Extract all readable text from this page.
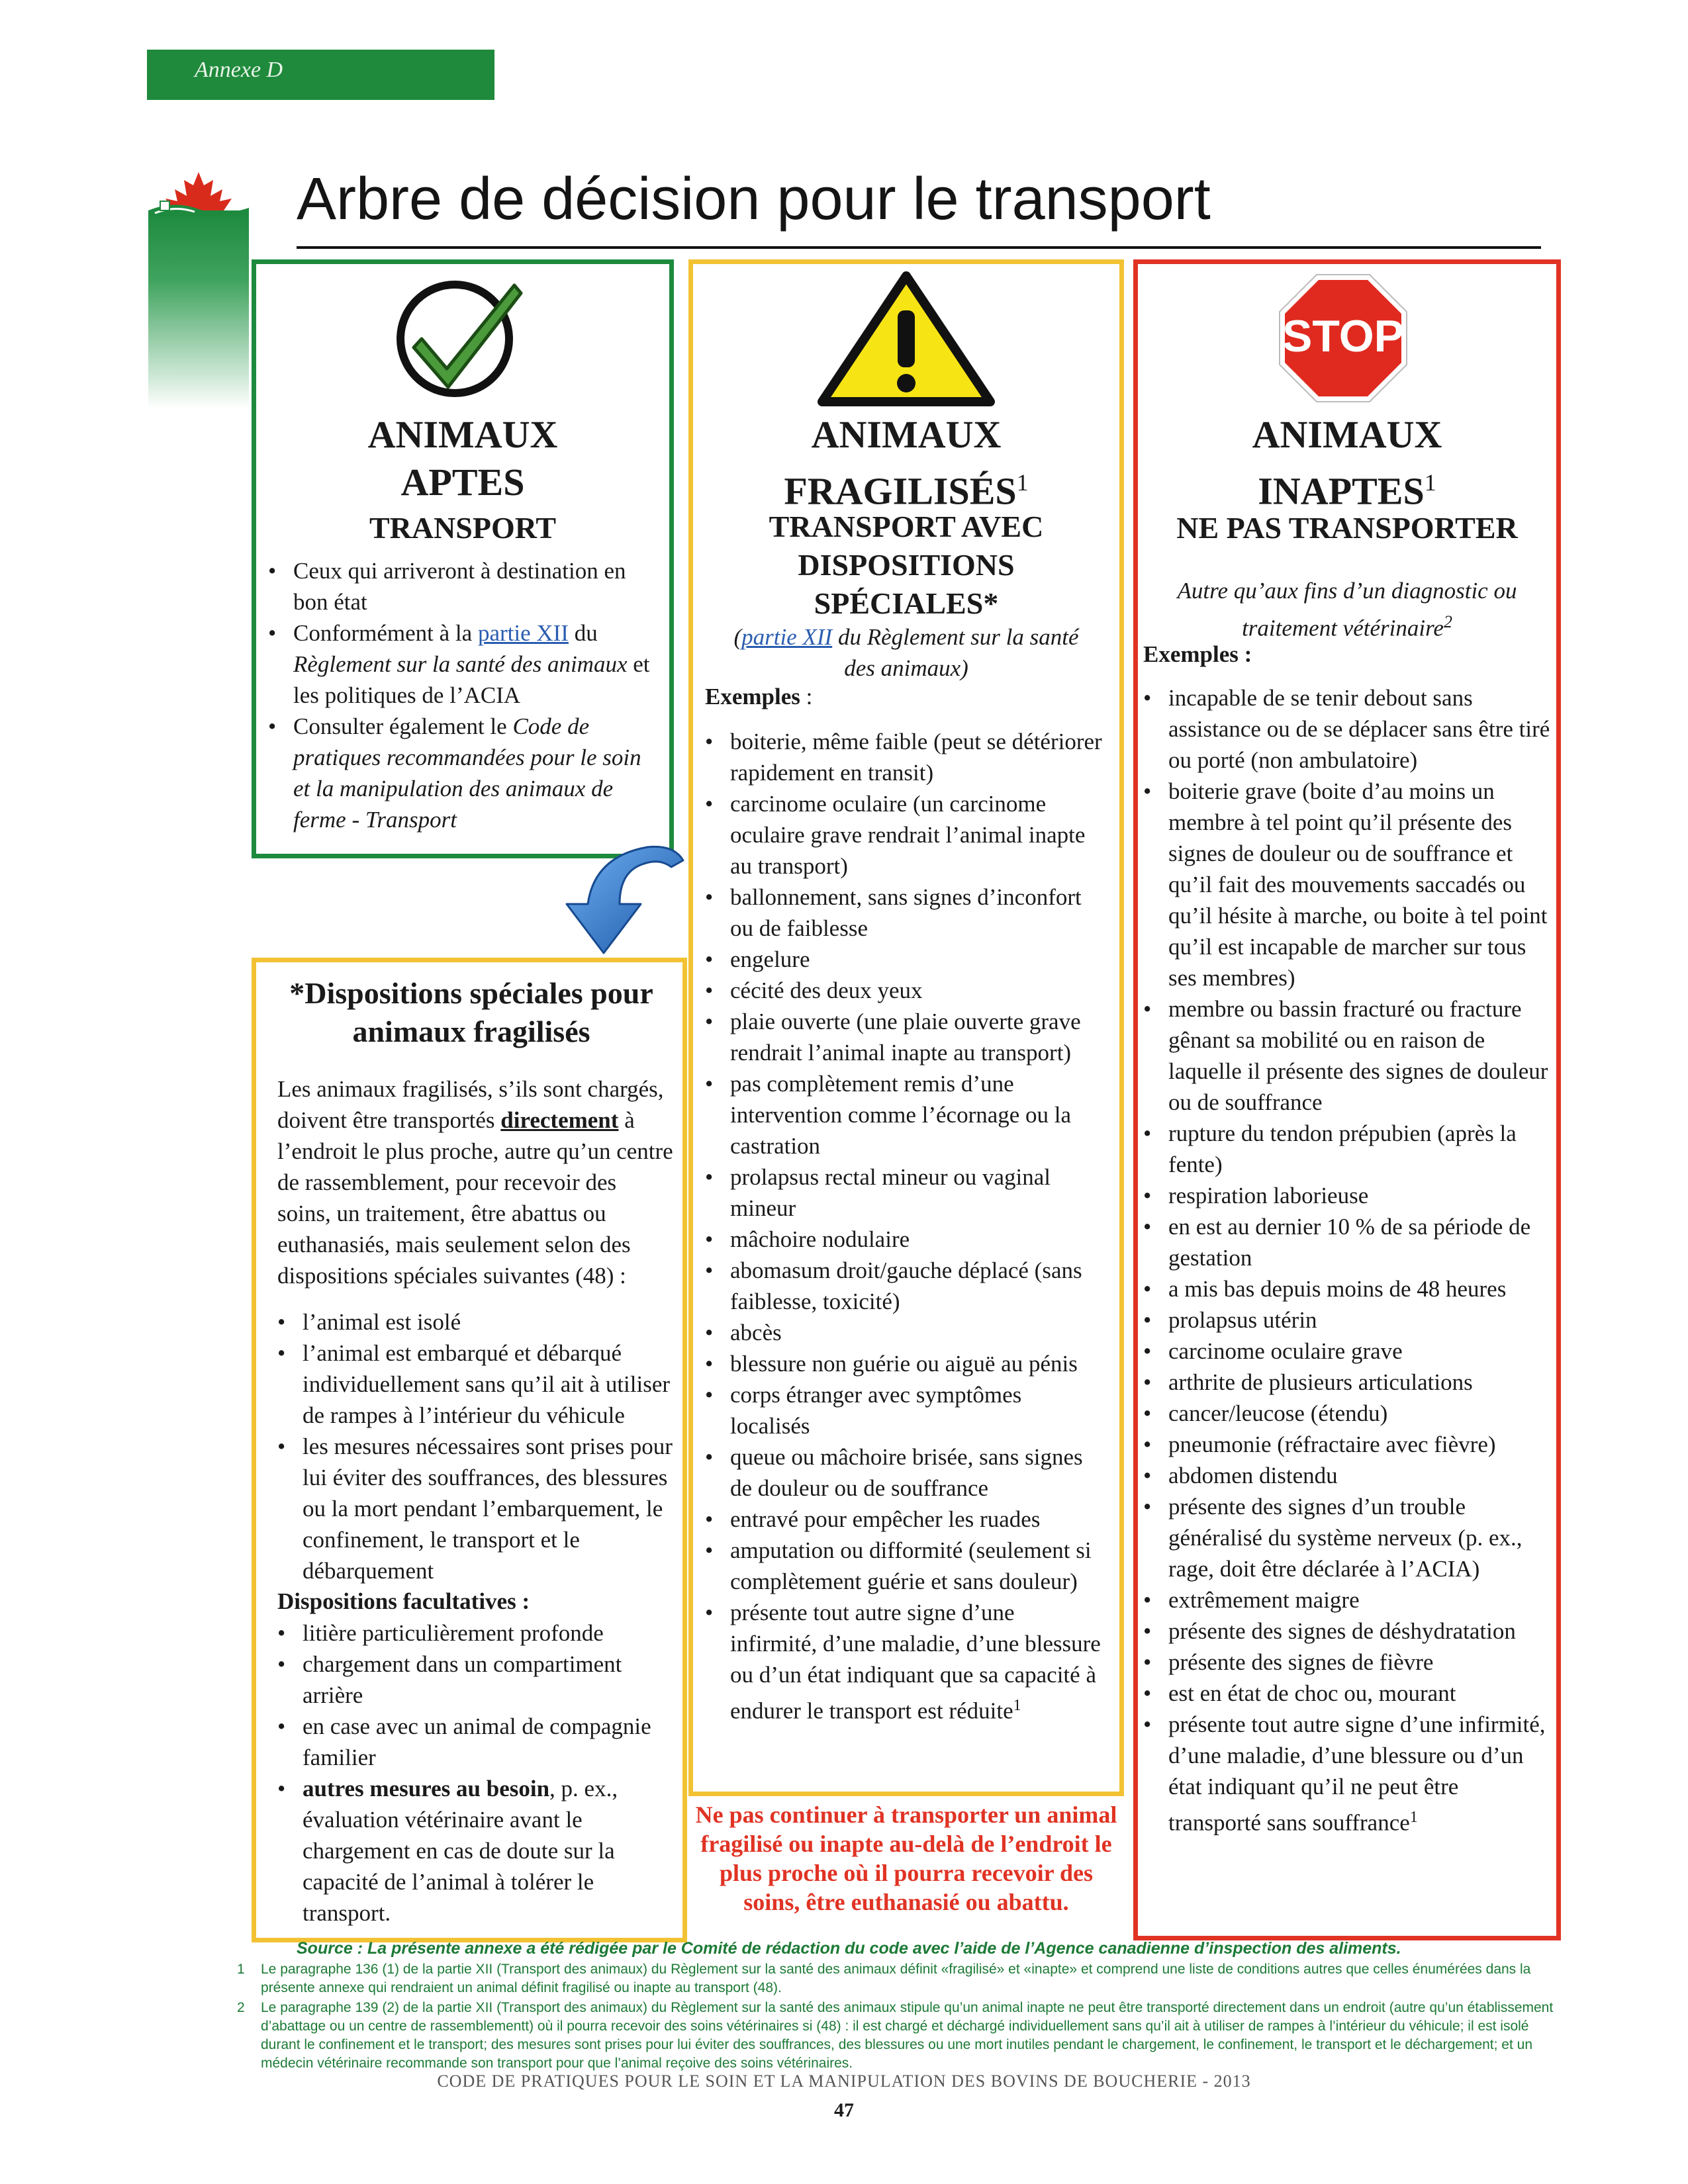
Annexe D
Arbre de décision pour le transport
ANIMAUX
APTES
TRANSPORT
• Ceux qui arriveront à destination en bon état
• Conformément à la partie XII du Règlement sur la santé des animaux et les politiques de l’ACIA
• Consulter également le Code de pratiques recommandées pour le soin et la manipulation des animaux de ferme - Transport
*Dispositions spéciales pour animaux fragilisés
Les animaux fragilisés, s’ils sont chargés, doivent être transportés directement à l’endroit le plus proche, autre qu’un centre de rassemblement, pour recevoir des soins, un traitement, être abattus ou euthanasiés, mais seulement selon des dispositions spéciales suivantes (48) :
• l’animal est isolé
• l’animal est embarqué et débarqué individuellement sans qu’il ait à utiliser de rampes à l’intérieur du véhicule
• les mesures nécessaires sont prises pour lui éviter des souffrances, des blessures ou la mort pendant l’embarquement, le confinement, le transport et le débarquement
Dispositions facultatives :
• litière particulièrement profonde
• chargement dans un compartiment arrière
• en case avec un animal de compagnie familier
• autres mesures au besoin, p. ex., évaluation vétérinaire avant le chargement en cas de doute sur la capacité de l’animal à tolérer le transport.
ANIMAUX
FRAGILISÉS$^1$
TRANSPORT AVEC DISPOSITIONS SPÉCIALES*
(partie XII du Règlement sur la santé des animaux)
Exemples :
• boiterie, même faible (peut se détériorer rapidement en transit)
• carcinome oculaire (un carcinome oculaire grave rendrait l’animal inapte au transport)
• ballonnement, sans signes d’inconfort ou de faiblesse
• engelure
• cécité des deux yeux
• plaie ouverte (une plaie ouverte grave rendrait l’animal inapte au transport)
• pas complètement remis d’une intervention comme l’écornage ou la castration
• prolapsus rectal mineur ou vaginal mineur
• mâchoire nodulaire
• abomasum droit/gauche déplacé (sans faiblesse, toxicité)
• abcès
• blessure non guérie ou aiguë au pénis
• corps étranger avec symptômes localisés
• queue ou mâchoire brisée, sans signes de douleur ou de souffrance
• entravé pour empêcher les ruades
• amputation ou difformité (seulement si complètement guérie et sans douleur)
• présente tout autre signe d’une infirmité, d’une maladie, d’une blessure ou d’un état indiquant que sa capacité à endurer le transport est réduite$^1$
Ne pas continuer à transporter un animal fragilisé ou inapte au-delà de l’endroit le plus proche où il pourra recevoir des soins, être euthanasié ou abattu.
STOP
ANIMAUX
INAPTES$^1$
NE PAS TRANSPORTER
Autre qu’aux fins d’un diagnostic ou traitement vétérinaire$^2$
Exemples :
• incapable de se tenir debout sans assistance ou de se déplacer sans être tiré ou porté (non ambulatoire)
• boiterie grave (boite d’au moins un membre à tel point qu’il présente des signes de douleur ou de souffrance et qu’il fait des mouvements saccadés ou qu’il hésite à marche, ou boite à tel point qu’il est incapable de marcher sur tous ses membres)
• membre ou bassin fracturé ou fracture gênant sa mobilité ou en raison de laquelle il présente des signes de douleur ou de souffrance
• rupture du tendon prépubien (après la fente)
• respiration laborieuse
• en est au dernier 10 % de sa période de gestation
• a mis bas depuis moins de 48 heures
• prolapsus utérin
• carcinome oculaire grave
• arthrite de plusieurs articulations
• cancer/leucose (étendu)
• pneumonie (réfractaire avec fièvre)
• abdomen distendu
• présente des signes d’un trouble généralisé du système nerveux (p. ex., rage, doit être déclarée à l’ACIA)
• extrêmement maigre
• présente des signes de déshydratation
• présente des signes de fièvre
• est en état de choc ou, mourant
• présente tout autre signe d’une infirmité, d’une maladie, d’une blessure ou d’un état indiquant qu’il ne peut être transporté sans souffrance$^1$
Source : La présente annexe a été rédigée par le Comité de rédaction du code avec l’aide de l’Agence canadienne d’inspection des aliments.
1 Le paragraphe 136 (1) de la partie XII (Transport des animaux) du Règlement sur la santé des animaux définit «fragilisé» et «inapte» et comprend une liste de conditions autres que celles énumérées dans la présente annexe qui rendraient un animal définit fragilisé ou inapte au transport (48).
2 Le paragraphe 139 (2) de la partie XII (Transport des animaux) du Règlement sur la santé des animaux stipule qu’un animal inapte ne peut être transporté directement dans un endroit (autre qu’un établissement d’abattage ou un centre de rassemblementt) où il pourra recevoir des soins vétérinaires si (48) : il est chargé et déchargé individuellement sans qu’il ait à utiliser de rampes à l’intérieur du véhicule; il est isolé durant le confinement et le transport; des mesures sont prises pour lui éviter des souffrances, des blessures ou une mort inutiles pendant le chargement, le confinement, le transport et le déchargement; et un médecin vétérinaire recommande son transport pour que l’animal reçoive des soins vétérinaires.
CODE DE PRATIQUES POUR LE SOIN ET LA MANIPULATION DES BOVINS DE BOUCHERIE - 2013
47
